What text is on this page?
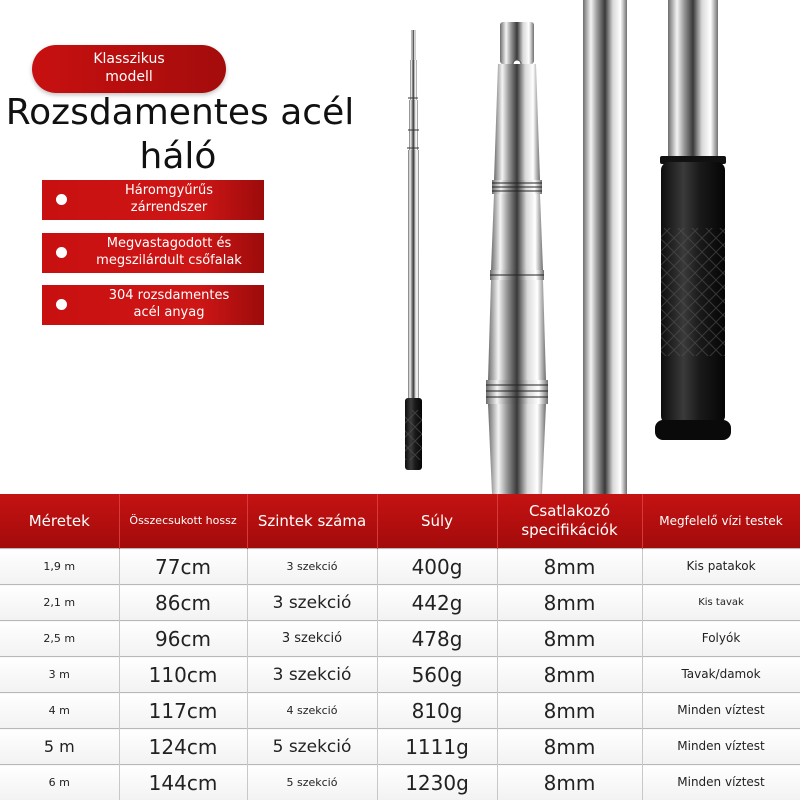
Klasszikus
modell
Rozsdamentes acél
háló
Háromgyűrűs
zárrendszer
Megvastagodott és
megszilárdult csőfalak
304 rozsdamentes
acél anyag
Méretek	Összecsukott hossz	Szintek száma	Súly	Csatlakozó specifikációk	Megfelelő vízi testek
1,9 m	77cm	3 szekció	400g	8mm	Kis patakok
2,1 m	86cm	3 szekció	442g	8mm	Kis tavak
2,5 m	96cm	3 szekció	478g	8mm	Folyók
3 m	110cm	3 szekció	560g	8mm	Tavak/damok
4 m	117cm	4 szekció	810g	8mm	Minden víztest
5 m	124cm	5 szekció	1111g	8mm	Minden víztest
6 m	144cm	5 szekció	1230g	8mm	Minden víztest
